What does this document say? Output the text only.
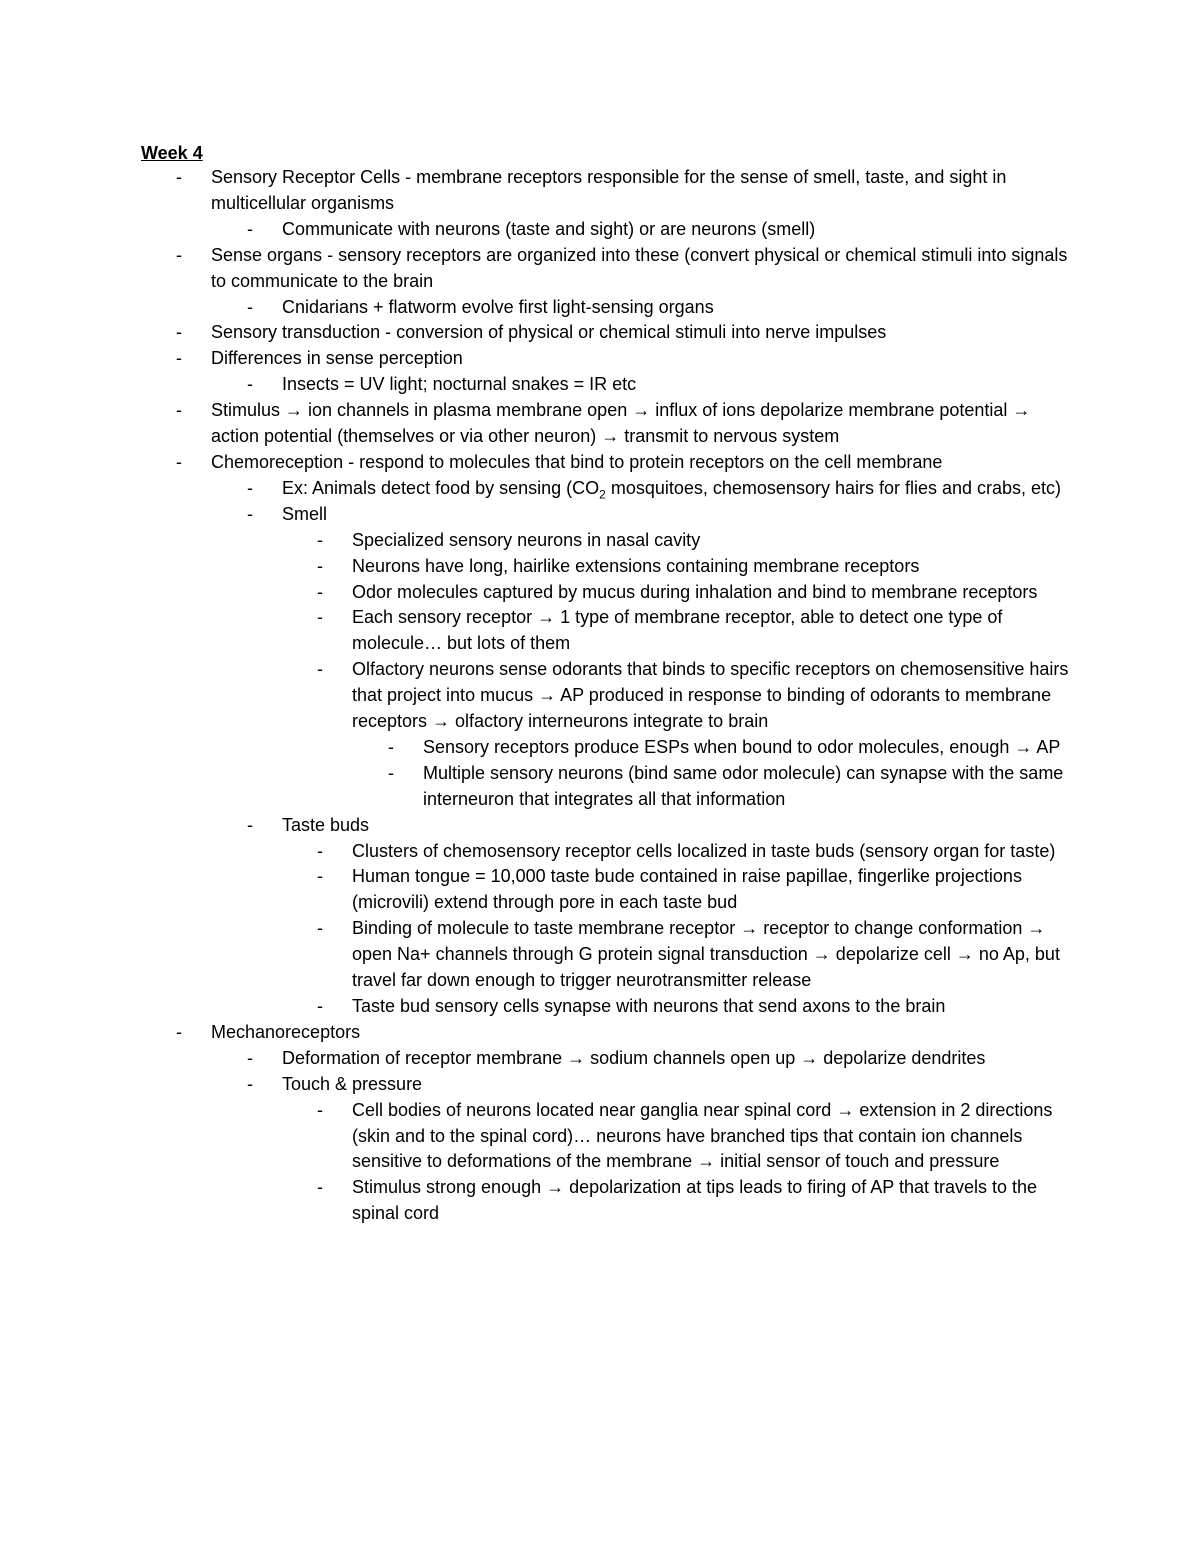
Week 4
- Sensory Receptor Cells - membrane receptors responsible for the sense of smell, taste, and sight in multicellular organisms
- Communicate with neurons (taste and sight) or are neurons (smell)
- Sense organs - sensory receptors are organized into these (convert physical or chemical stimuli into signals to communicate to the brain
- Cnidarians + flatworm evolve first light-sensing organs
- Sensory transduction - conversion of physical or chemical stimuli into nerve impulses
- Differences in sense perception
- Insects = UV light; nocturnal snakes = IR etc
- Stimulus → ion channels in plasma membrane open → influx of ions depolarize membrane potential → action potential (themselves or via other neuron) → transmit to nervous system
- Chemoreception - respond to molecules that bind to protein receptors on the cell membrane
- Ex: Animals detect food by sensing ($CO_2$ mosquitoes, chemosensory hairs for flies and crabs, etc)
- Smell
- Specialized sensory neurons in nasal cavity
- Neurons have long, hairlike extensions containing membrane receptors
- Odor molecules captured by mucus during inhalation and bind to membrane receptors
- Each sensory receptor → 1 type of membrane receptor, able to detect one type of molecule… but lots of them
- Olfactory neurons sense odorants that binds to specific receptors on chemosensitive hairs that project into mucus → AP produced in response to binding of odorants to membrane receptors → olfactory interneurons integrate to brain
- Sensory receptors produce ESPs when bound to odor molecules, enough → AP
- Multiple sensory neurons (bind same odor molecule) can synapse with the same interneuron that integrates all that information
- Taste buds
- Clusters of chemosensory receptor cells localized in taste buds (sensory organ for taste)
- Human tongue = 10,000 taste bude contained in raise papillae, fingerlike projections (microvili) extend through pore in each taste bud
- Binding of molecule to taste membrane receptor → receptor to change conformation → open Na+ channels through G protein signal transduction → depolarize cell → no Ap, but travel far down enough to trigger neurotransmitter release
- Taste bud sensory cells synapse with neurons that send axons to the brain
- Mechanoreceptors
- Deformation of receptor membrane → sodium channels open up → depolarize dendrites
- Touch & pressure
- Cell bodies of neurons located near ganglia near spinal cord → extension in 2 directions (skin and to the spinal cord)… neurons have branched tips that contain ion channels sensitive to deformations of the membrane → initial sensor of touch and pressure
- Stimulus strong enough → depolarization at tips leads to firing of AP that travels to the spinal cord
